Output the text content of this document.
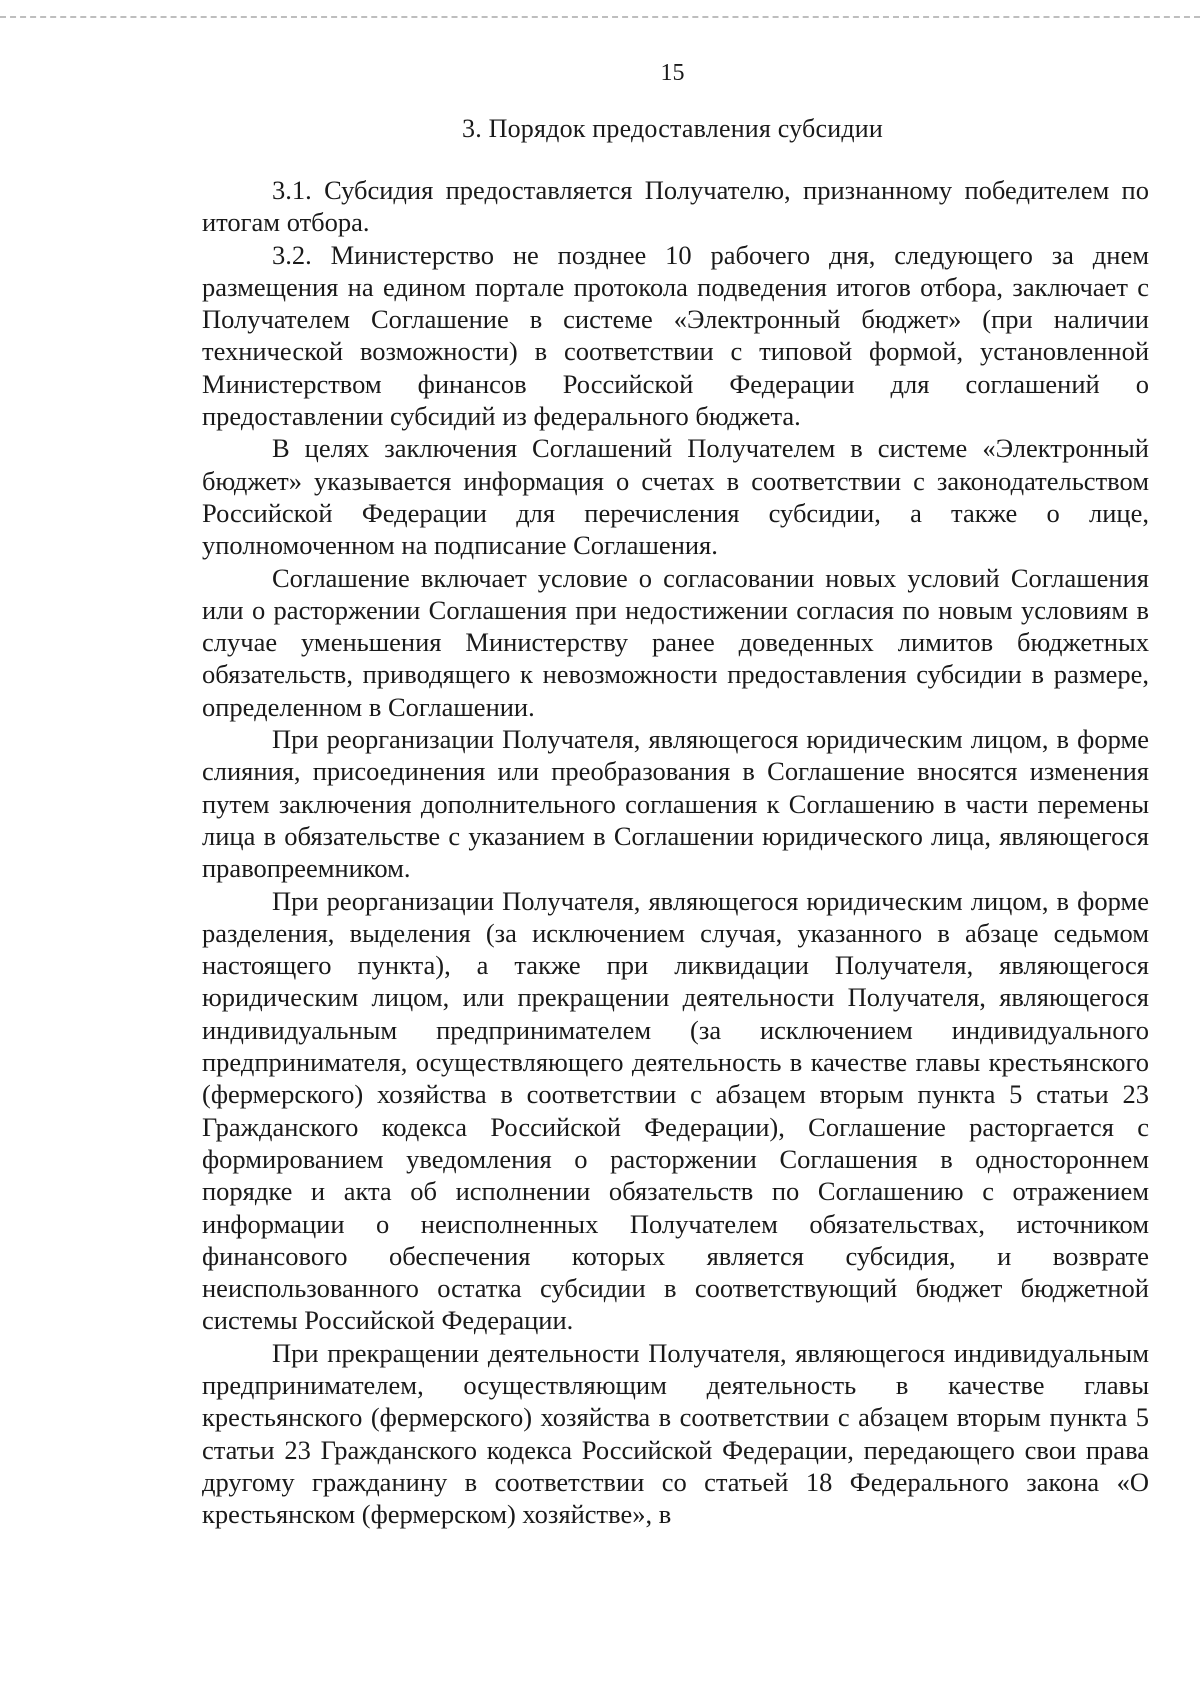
15
3. Порядок предоставления субсидии

3.1. Субсидия предоставляется Получателю, признанному победителем по итогам отбора.

3.2. Министерство не позднее 10 рабочего дня, следующего за днем размещения на едином портале протокола подведения итогов отбора, заключает с Получателем Соглашение в системе «Электронный бюджет» (при наличии технической возможности) в соответствии с типовой формой, установленной Министерством финансов Российской Федерации для соглашений о предоставлении субсидий из федерального бюджета.

В целях заключения Соглашений Получателем в системе «Электронный бюджет» указывается информация о счетах в соответствии с законодательством Российской Федерации для перечисления субсидии, а также о лице, уполномоченном на подписание Соглашения.

Соглашение включает условие о согласовании новых условий Соглашения или о расторжении Соглашения при недостижении согласия по новым условиям в случае уменьшения Министерству ранее доведенных лимитов бюджетных обязательств, приводящего к невозможности предоставления субсидии в размере, определенном в Соглашении.

При реорганизации Получателя, являющегося юридическим лицом, в форме слияния, присоединения или преобразования в Соглашение вносятся изменения путем заключения дополнительного соглашения к Соглашению в части перемены лица в обязательстве с указанием в Соглашении юридического лица, являющегося правопреемником.

При реорганизации Получателя, являющегося юридическим лицом, в форме разделения, выделения (за исключением случая, указанного в абзаце седьмом настоящего пункта), а также при ликвидации Получателя, являющегося юридическим лицом, или прекращении деятельности Получателя, являющегося индивидуальным предпринимателем (за исключением индивидуального предпринимателя, осуществляющего деятельность в качестве главы крестьянского (фермерского) хозяйства в соответствии с абзацем вторым пункта 5 статьи 23 Гражданского кодекса Российской Федерации), Соглашение расторгается с формированием уведомления о расторжении Соглашения в одностороннем порядке и акта об исполнении обязательств по Соглашению с отражением информации о неисполненных Получателем обязательствах, источником финансового обеспечения которых является субсидия, и возврате неиспользованного остатка субсидии в соответствующий бюджет бюджетной системы Российской Федерации.

При прекращении деятельности Получателя, являющегося индивидуальным предпринимателем, осуществляющим деятельность в качестве главы крестьянского (фермерского) хозяйства в соответствии с абзацем вторым пункта 5 статьи 23 Гражданского кодекса Российской Федерации, передающего свои права другому гражданину в соответствии со статьей 18 Федерального закона «О крестьянском (фермерском) хозяйстве», в
